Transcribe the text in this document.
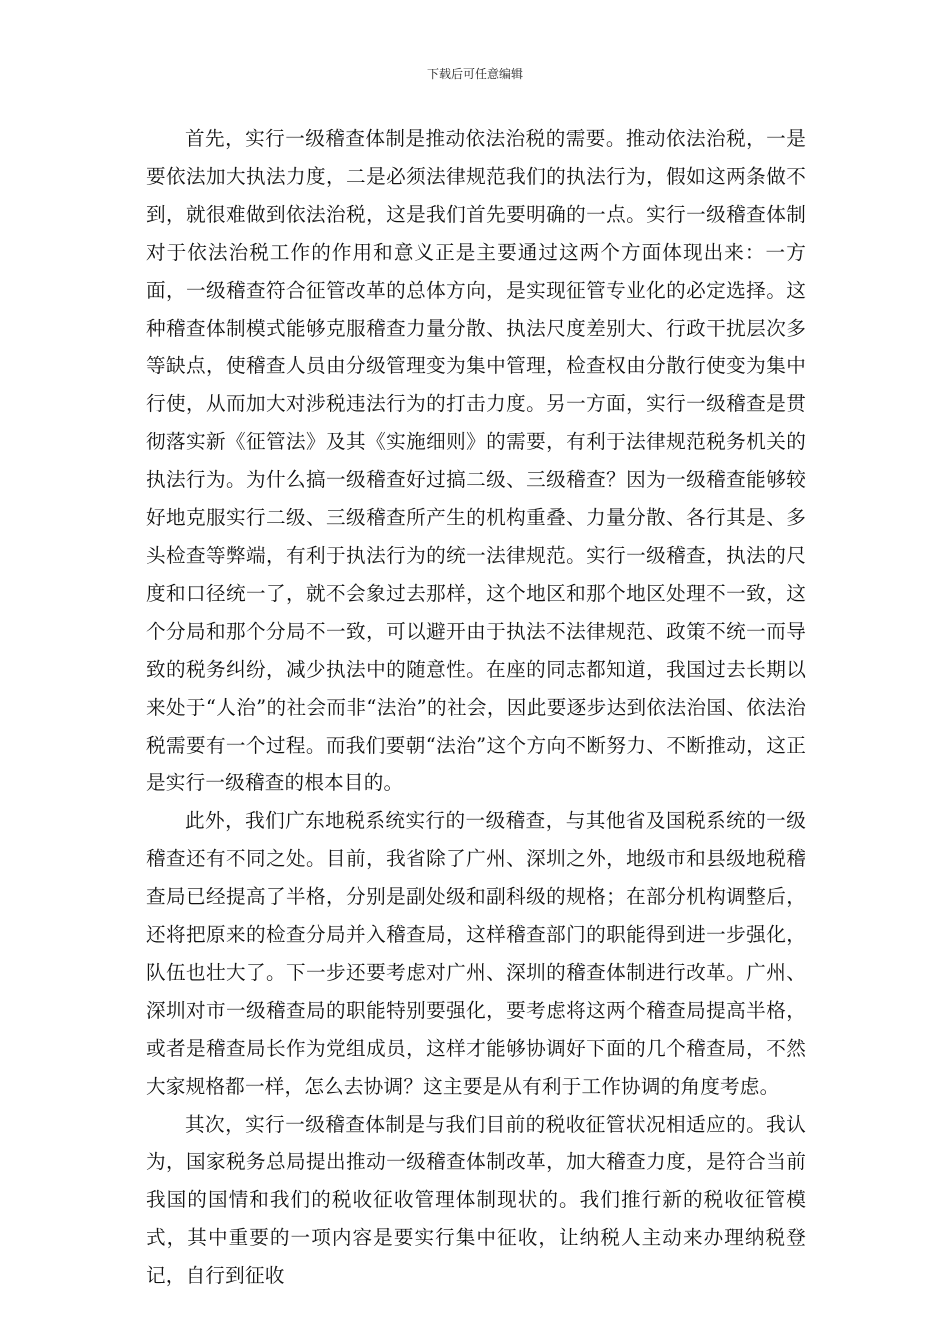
下载后可任意编辑

首先，实行一级稽查体制是推动依法治税的需要。推动依法治税，一是要依法加大执法力度，二是必须法律规范我们的执法行为，假如这两条做不到，就很难做到依法治税，这是我们首先要明确的一点。实行一级稽查体制对于依法治税工作的作用和意义正是主要通过这两个方面体现出来：一方面，一级稽查符合征管改革的总体方向，是实现征管专业化的必定选择。这种稽查体制模式能够克服稽查力量分散、执法尺度差别大、行政干扰层次多等缺点，使稽查人员由分级管理变为集中管理，检查权由分散行使变为集中行使，从而加大对涉税违法行为的打击力度。另一方面，实行一级稽查是贯彻落实新《征管法》及其《实施细则》的需要，有利于法律规范税务机关的执法行为。为什么搞一级稽查好过搞二级、三级稽查？因为一级稽查能够较好地克服实行二级、三级稽查所产生的机构重叠、力量分散、各行其是、多头检查等弊端，有利于执法行为的统一法律规范。实行一级稽查，执法的尺度和口径统一了，就不会象过去那样，这个地区和那个地区处理不一致，这个分局和那个分局不一致，可以避开由于执法不法律规范、政策不统一而导致的税务纠纷，减少执法中的随意性。在座的同志都知道，我国过去长期以来处于“人治”的社会而非“法治”的社会，因此要逐步达到依法治国、依法治税需要有一个过程。而我们要朝“法治”这个方向不断努力、不断推动，这正是实行一级稽查的根本目的。

此外，我们广东地税系统实行的一级稽查，与其他省及国税系统的一级稽查还有不同之处。目前，我省除了广州、深圳之外，地级市和县级地税稽查局已经提高了半格，分别是副处级和副科级的规格；在部分机构调整后，还将把原来的检查分局并入稽查局，这样稽查部门的职能得到进一步强化，队伍也壮大了。下一步还要考虑对广州、深圳的稽查体制进行改革。广州、深圳对市一级稽查局的职能特别要强化，要考虑将这两个稽查局提高半格，或者是稽查局长作为党组成员，这样才能够协调好下面的几个稽查局，不然大家规格都一样，怎么去协调？这主要是从有利于工作协调的角度考虑。

其次，实行一级稽查体制是与我们目前的税收征管状况相适应的。我认为，国家税务总局提出推动一级稽查体制改革，加大稽查力度，是符合当前我国的国情和我们的税收征收管理体制现状的。我们推行新的税收征管模式，其中重要的一项内容是要实行集中征收，让纳税人主动来办理纳税登记，自行到征收
